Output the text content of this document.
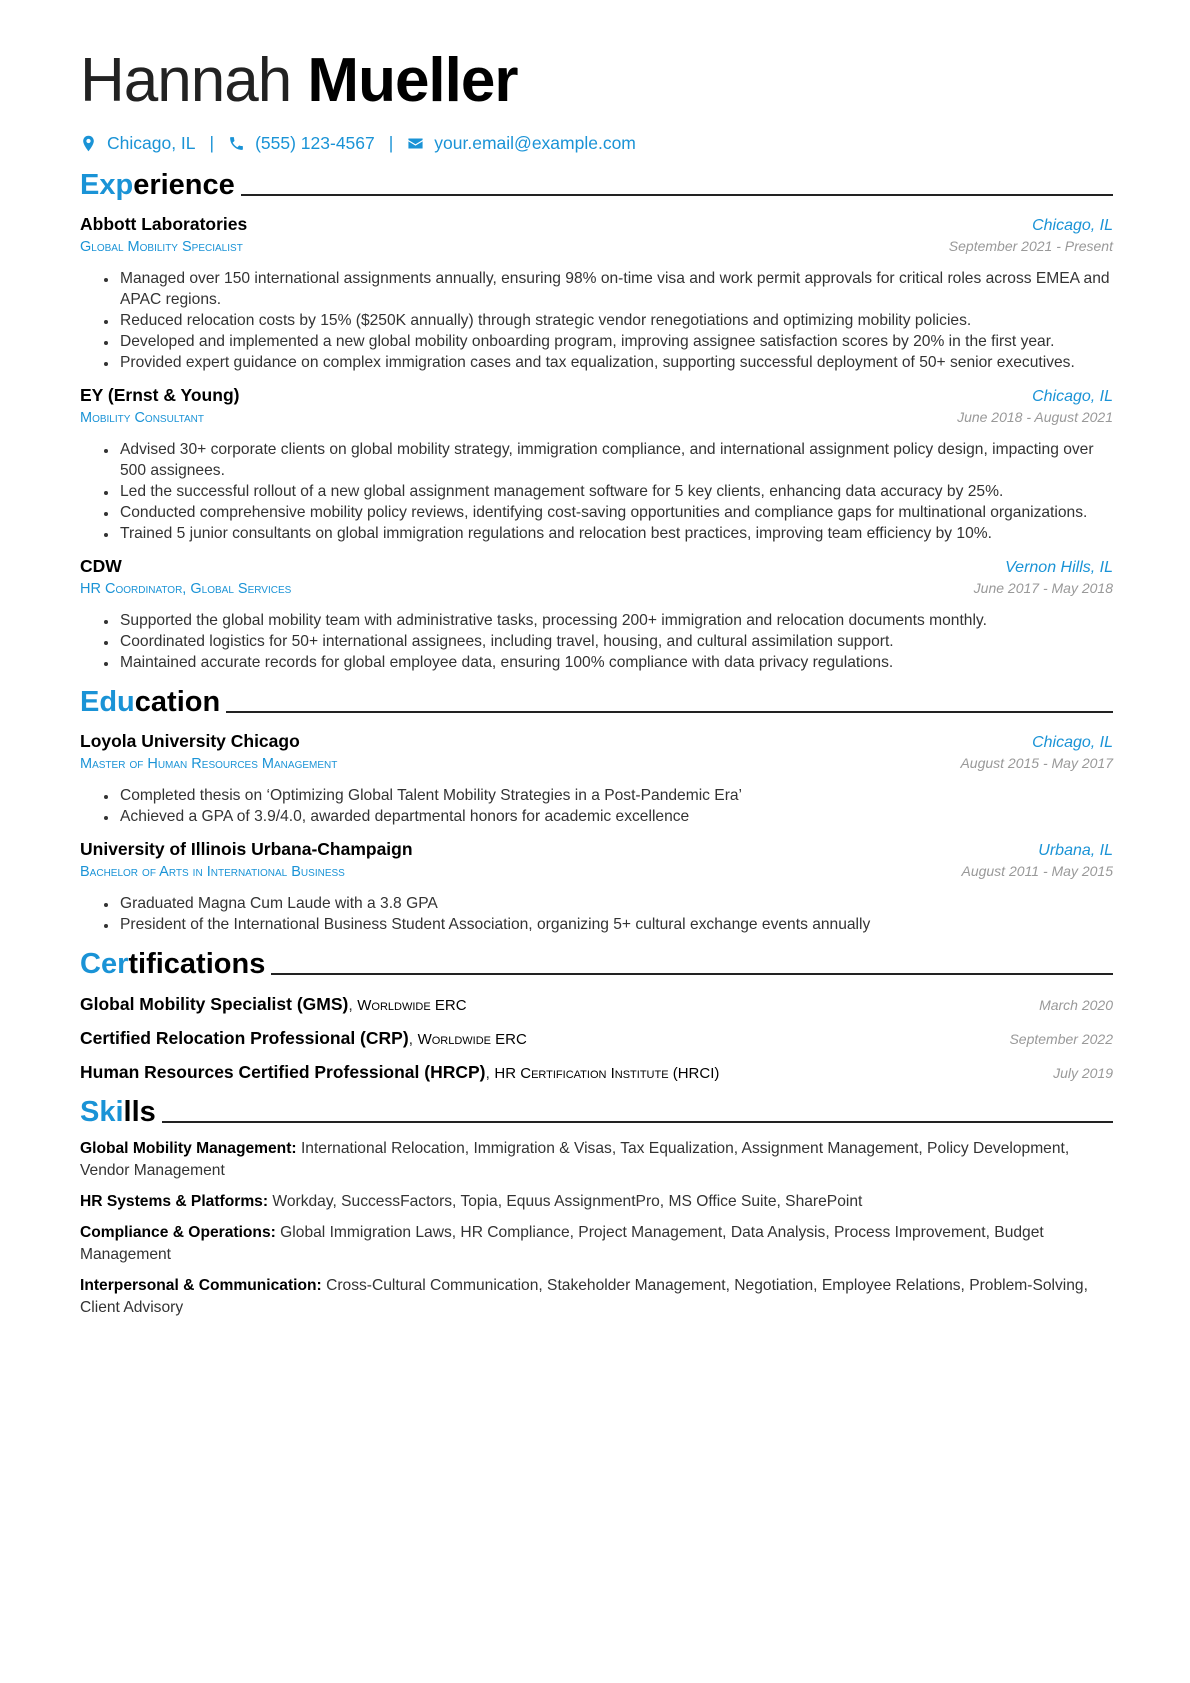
Hannah Mueller
Chicago, IL | (555) 123-4567 | your.email@example.com
Experience
Abbott Laboratories	Chicago, IL
Global Mobility Specialist	September 2021 - Present
• Managed over 150 international assignments annually, ensuring 98% on-time visa and work permit approvals for critical roles across EMEA and APAC regions.
• Reduced relocation costs by 15% ($250K annually) through strategic vendor renegotiations and optimizing mobility policies.
• Developed and implemented a new global mobility onboarding program, improving assignee satisfaction scores by 20% in the first year.
• Provided expert guidance on complex immigration cases and tax equalization, supporting successful deployment of 50+ senior executives.
EY (Ernst & Young)	Chicago, IL
Mobility Consultant	June 2018 - August 2021
• Advised 30+ corporate clients on global mobility strategy, immigration compliance, and international assignment policy design, impacting over 500 assignees.
• Led the successful rollout of a new global assignment management software for 5 key clients, enhancing data accuracy by 25%.
• Conducted comprehensive mobility policy reviews, identifying cost-saving opportunities and compliance gaps for multinational organizations.
• Trained 5 junior consultants on global immigration regulations and relocation best practices, improving team efficiency by 10%.
CDW	Vernon Hills, IL
HR Coordinator, Global Services	June 2017 - May 2018
• Supported the global mobility team with administrative tasks, processing 200+ immigration and relocation documents monthly.
• Coordinated logistics for 50+ international assignees, including travel, housing, and cultural assimilation support.
• Maintained accurate records for global employee data, ensuring 100% compliance with data privacy regulations.
Education
Loyola University Chicago	Chicago, IL
Master of Human Resources Management	August 2015 - May 2017
• Completed thesis on ‘Optimizing Global Talent Mobility Strategies in a Post-Pandemic Era’
• Achieved a GPA of 3.9/4.0, awarded departmental honors for academic excellence
University of Illinois Urbana-Champaign	Urbana, IL
Bachelor of Arts in International Business	August 2011 - May 2015
• Graduated Magna Cum Laude with a 3.8 GPA
• President of the International Business Student Association, organizing 5+ cultural exchange events annually
Certifications
Global Mobility Specialist (GMS), Worldwide ERC	March 2020
Certified Relocation Professional (CRP), Worldwide ERC	September 2022
Human Resources Certified Professional (HRCP), HR Certification Institute (HRCI)	July 2019
Skills
Global Mobility Management: International Relocation, Immigration & Visas, Tax Equalization, Assignment Management, Policy Development, Vendor Management
HR Systems & Platforms: Workday, SuccessFactors, Topia, Equus AssignmentPro, MS Office Suite, SharePoint
Compliance & Operations: Global Immigration Laws, HR Compliance, Project Management, Data Analysis, Process Improvement, Budget Management
Interpersonal & Communication: Cross-Cultural Communication, Stakeholder Management, Negotiation, Employee Relations, Problem-Solving, Client Advisory
